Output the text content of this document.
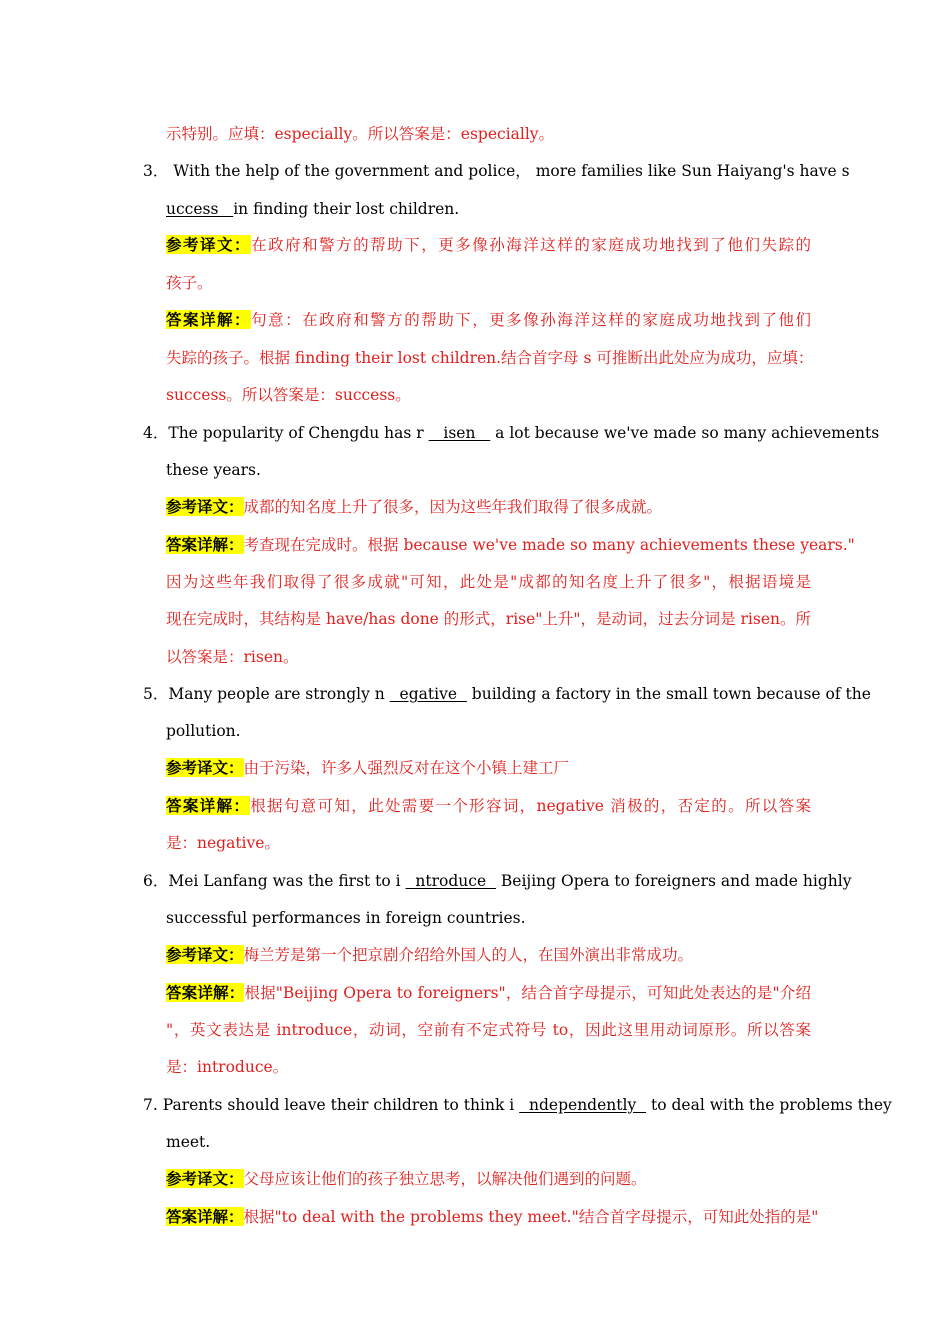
示特别。应填：especially。所以答案是：especially。
3． With the help of the government and police， more families like Sun Haiyang's have s
uccess   in finding their lost children.
参考译文：在政府和警方的帮助下，更多像孙海洋这样的家庭成功地找到了他们失踪的
孩子。
答案详解：句意：在政府和警方的帮助下，更多像孙海洋这样的家庭成功地找到了他们
失踪的孩子。根据 finding their lost children.结合首字母 s 可推断出此处应为成功，应填：
success。所以答案是：success。
4．The popularity of Chengdu has r    isen    a lot because we've made so many achievements
these years.
参考译文：成都的知名度上升了很多，因为这些年我们取得了很多成就。
答案详解：考查现在完成时。根据 because we've made so many achievements these years."
因为这些年我们取得了很多成就"可知，此处是"成都的知名度上升了很多"，根据语境是
现在完成时，其结构是 have/has done 的形式，rise"上升"，是动词，过去分词是 risen。所
以答案是：risen。
5．Many people are strongly n   egative   building a factory in the small town because of the
pollution.
参考译文：由于污染，许多人强烈反对在这个小镇上建工厂
答案详解：根据句意可知，此处需要一个形容词，negative 消极的，否定的。所以答案
是：negative。
6．Mei Lanfang was the first to i   ntroduce   Beijing Opera to foreigners and made highly
successful performances in foreign countries.
参考译文：梅兰芳是第一个把京剧介绍给外国人的人，在国外演出非常成功。
答案详解：根据"Beijing Opera to foreigners"，结合首字母提示，可知此处表达的是"介绍
"，英文表达是 introduce，动词，空前有不定式符号 to，因此这里用动词原形。所以答案
是：introduce。
7. Parents should leave their children to think i   ndependently   to deal with the problems they
meet.
参考译文：父母应该让他们的孩子独立思考，以解决他们遇到的问题。
答案详解：根据"to deal with the problems they meet."结合首字母提示，可知此处指的是"
